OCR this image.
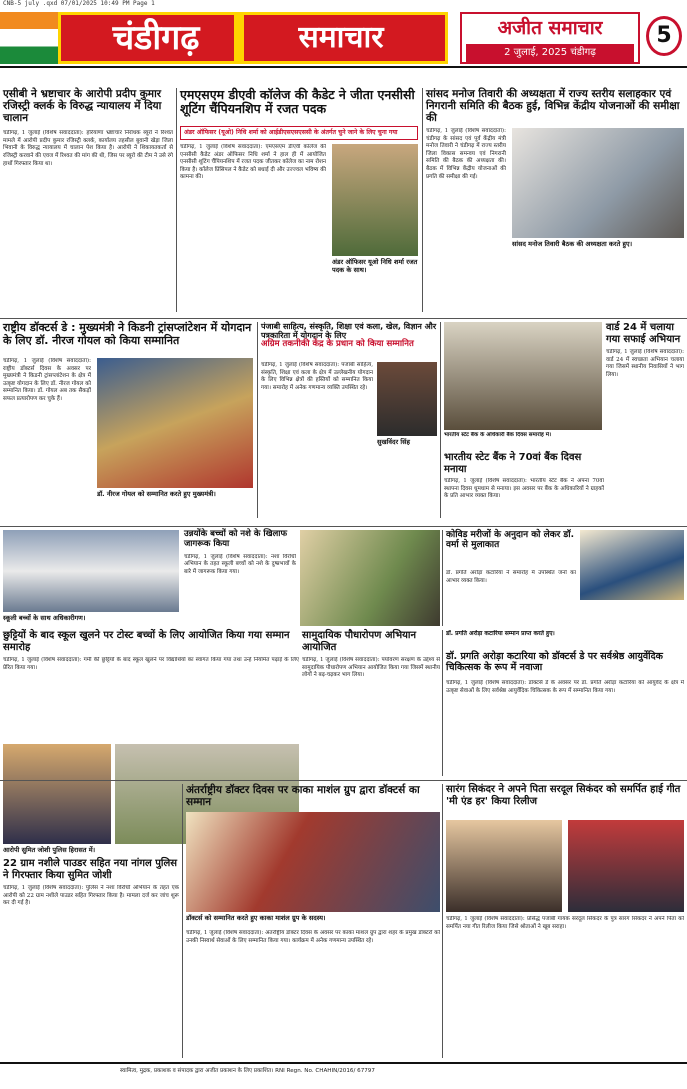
CNB-5 july .qxd 07/01/2025 10:49 PM Page 1
चंडीगढ़	समाचार	अजीत समाचार
2 जुलाई, 2025 चंडीगढ़
5
एसीबी ने भ्रष्टाचार के आरोपी प्रदीप कुमार रजिस्ट्री क्लर्क के विरुद्ध न्यायालय में दिया चालान
चंडीगढ़, 1 जुलाई (विशेष संवाददाता): हरियाणा भ्रष्टाचार निरोधक ब्यूरो ने रिश्वत मामले में आरोपी प्रदीप कुमार रजिस्ट्री क्लर्क, कार्यालय तहसील बुवानी खेड़ा जिला भिवानी के विरुद्ध न्यायालय में चालान पेश किया है। आरोपी ने शिकायतकर्ता से रजिस्ट्री करवाने की एवज में रिश्वत की मांग की थी, जिस पर ब्यूरो की टीम ने उसे रंगे हाथों गिरफ्तार किया था।
एमएसएम डीएवी कॉलेज की कैडेट ने जीता एनसीसी शूटिंग चैंपियनशिप में रजत पदक
अंडर ऑफिसर (यूओ) निधि शर्मा को आईडीएसएसएससी के अंतर्गत चुने जाने के लिए चुना गया
चंडीगढ़, 1 जुलाई (विशेष संवाददाता): एमएसएम डीएवी कॉलेज की एनसीसी कैडेट अंडर ऑफिसर निधि शर्मा ने हाल ही में आयोजित एनसीसी शूटिंग चैंपियनशिप में रजत पदक जीतकर कॉलेज का नाम रोशन किया है। कॉलेज प्रिंसिपल ने कैडेट को बधाई दी और उज्ज्वल भविष्य की कामना की।
अंडर ऑफिसर यूओ निधि शर्मा रजत पदक के साथ।
सांसद मनोज तिवारी की अध्यक्षता में राज्य स्तरीय सलाहकार एवं निगरानी समिति की बैठक हुई, विभिन्न केंद्रीय योजनाओं की समीक्षा की
चंडीगढ़, 1 जुलाई (विशेष संवाददाता): चंडीगढ़ के सांसद एवं पूर्व केंद्रीय मंत्री मनोज तिवारी ने चंडीगढ़ में राज्य स्तरीय जिला विकास समन्वय एवं निगरानी समिति की बैठक की अध्यक्षता की। बैठक में विभिन्न केंद्रीय योजनाओं की प्रगति की समीक्षा की गई।
सांसद मनोज तिवारी बैठक की अध्यक्षता करते हुए।
राष्ट्रीय डॉक्टर्स डे : मुख्यमंत्री ने किडनी ट्रांसप्लांटेशन में योगदान के लिए डॉ. नीरज गोयल को किया सम्मानित
चंडीगढ़, 1 जुलाई (विशेष संवाददाता): राष्ट्रीय डॉक्टर्स दिवस के अवसर पर मुख्यमंत्री ने किडनी ट्रांसप्लांटेशन के क्षेत्र में उत्कृष्ट योगदान के लिए डॉ. नीरज गोयल को सम्मानित किया। डॉ. गोयल अब तक सैकड़ों सफल प्रत्यारोपण कर चुके हैं।
डॉ. नीरज गोयल को सम्मानित करते हुए मुख्यमंत्री।
पंजाबी साहित्य, संस्कृति, शिक्षा एवं कला, खेल, विज्ञान और पत्रकारिता में योगदान के लिए
अग्रिम तकनीकी केंद्र के प्रधान को किया सम्मानित
चंडीगढ़, 1 जुलाई (विशेष संवाददाता): पंजाबी साहित्य, संस्कृति, शिक्षा एवं कला के क्षेत्र में उल्लेखनीय योगदान के लिए विभिन्न क्षेत्रों की हस्तियों को सम्मानित किया गया। समारोह में अनेक गणमान्य व्यक्ति उपस्थित रहे।
सुखविंदर सिंह
भारतीय स्टेट बैंक के अधिकारी बैंक दिवस समारोह में।
वार्ड 24 में चलाया गया सफाई अभियान
चंडीगढ़, 1 जुलाई (विशेष संवाददाता): वार्ड 24 में स्वच्छता अभियान चलाया गया जिसमें स्थानीय निवासियों ने भाग लिया।
भारतीय स्टेट बैंक ने 70वां बैंक दिवस मनाया
चंडीगढ़, 1 जुलाई (विशेष संवाददाता): भारतीय स्टेट बैंक ने अपना 70वां स्थापना दिवस धूमधाम से मनाया। इस अवसर पर बैंक के अधिकारियों ने ग्राहकों के प्रति आभार व्यक्त किया।
स्कूली बच्चों के साथ अधिकारीगण।
उन्नयोंके बच्चों को नशे के खिलाफ जागरूक किया
चंडीगढ़, 1 जुलाई (विशेष संवाददाता): नशा विरोधी अभियान के तहत स्कूली बच्चों को नशे के दुष्प्रभावों के बारे में जागरूक किया गया।
कोविड मरीजों के अनुदान को लेकर डॉ. वर्मा से मुलाकात
डॉ. प्रगति अरोड़ा कटारिया ने समारोह में उपस्थित जनों का आभार व्यक्त किया।
छुट्टियों के बाद स्कूल खुलने पर टोस्ट बच्चों के लिए आयोजित किया गया सम्मान समारोह
चंडीगढ़, 1 जुलाई (विशेष संवाददाता): गर्मी की छुट्टियों के बाद स्कूल खुलने पर विद्यार्थियों का स्वागत किया गया तथा उन्हें नियमित पढ़ाई के लिए प्रेरित किया गया।
सामुदायिक पौधारोपण अभियान आयोजित
चंडीगढ़, 1 जुलाई (विशेष संवाददाता): पर्यावरण संरक्षण के उद्देश्य से सामुदायिक पौधारोपण अभियान आयोजित किया गया जिसमें स्थानीय लोगों ने बढ़-चढ़कर भाग लिया।
डॉ. प्रगति अरोड़ा कटारिया सम्मान प्राप्त करते हुए।
डॉ. प्रगति अरोड़ा कटारिया को डॉक्टर्स डे पर सर्वश्रेष्ठ आयुर्वेदिक चिकित्सक के रूप में नवाजा
चंडीगढ़, 1 जुलाई (विशेष संवाददाता): डॉक्टर्स डे के अवसर पर डॉ. प्रगति अरोड़ा कटारिया को आयुर्वेद के क्षेत्र में उत्कृष्ट सेवाओं के लिए सर्वश्रेष्ठ आयुर्वेदिक चिकित्सक के रूप में सम्मानित किया गया।
आरोपी सुमित जोशी पुलिस हिरासत में।
22 ग्राम नशीले पाउडर सहित नया नांगल पुलिस ने गिरफ्तार किया सुमित जोशी
चंडीगढ़, 1 जुलाई (विशेष संवाददाता): पुलिस ने नशा विरोधी अभियान के तहत एक आरोपी को 22 ग्राम नशीले पाउडर सहित गिरफ्तार किया है। मामला दर्ज कर जांच शुरू कर दी गई है।
अंतर्राष्ट्रीय डॉक्टर दिवस पर काका माशंल ग्रुप द्वारा डॉक्टर्स का सम्मान
डॉक्टर्स को सम्मानित करते हुए काका माशंल ग्रुप के सदस्य।
चंडीगढ़, 1 जुलाई (विशेष संवाददाता): अंतर्राष्ट्रीय डॉक्टर दिवस के अवसर पर काका माशंल ग्रुप द्वारा शहर के प्रमुख डॉक्टरों को उनकी निस्वार्थ सेवाओं के लिए सम्मानित किया गया। कार्यक्रम में अनेक गणमान्य उपस्थित रहे।
सारंग सिकंदर ने अपने पिता सरदूल सिकंदर को समर्पित हाई गीत 'मी एंड हर' किया रिलीज
चंडीगढ़, 1 जुलाई (विशेष संवाददाता): प्रसिद्ध पंजाबी गायक सरदूल सिकंदर के पुत्र सारंग सिकंदर ने अपने पिता को समर्पित नया गीत रिलीज किया जिसे श्रोताओं ने खूब सराहा।
स्वामित्व, मुद्रक, प्रकाशक व संपादक द्वारा अजीत प्रकाशन के लिए प्रकाशित। RNI Regn. No. CHAHIN/2016/ 67797
